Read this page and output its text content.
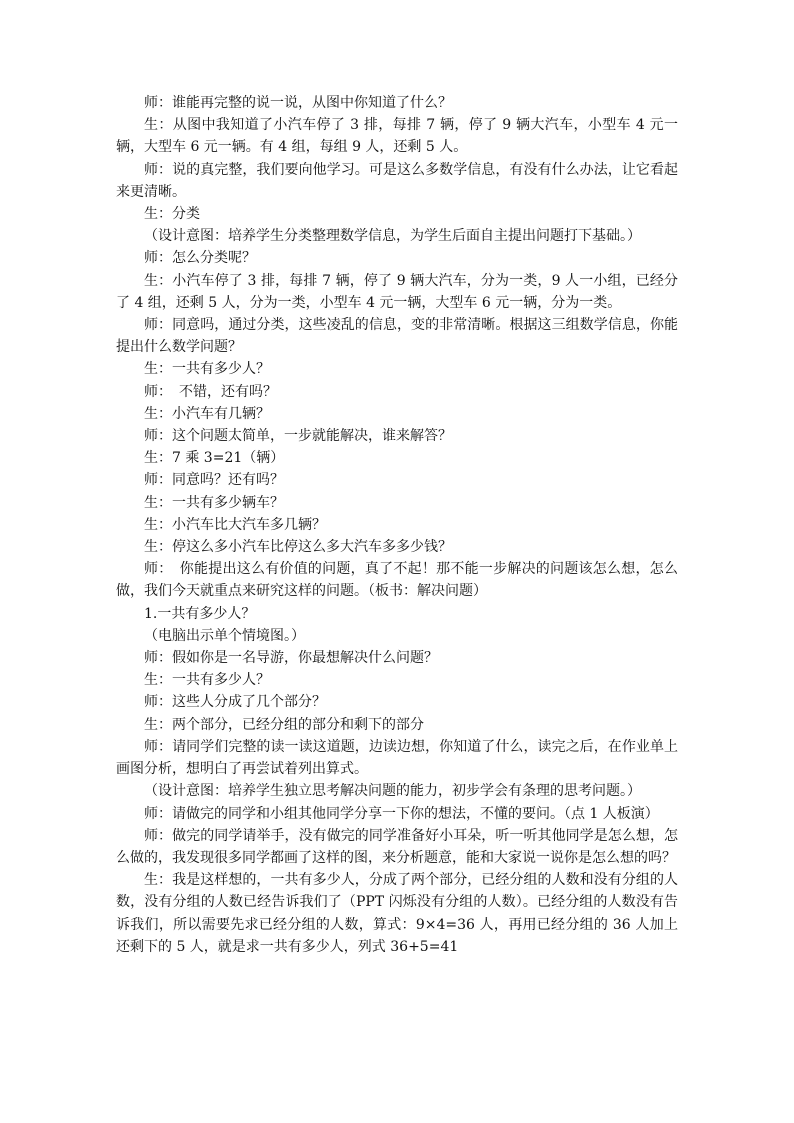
师：谁能再完整的说一说，从图中你知道了什么？

生：从图中我知道了小汽车停了 3 排，每排 7 辆，停了 9 辆大汽车，小型车 4 元一辆，大型车 6 元一辆。有 4 组，每组 9 人，还剩 5 人。

师：说的真完整，我们要向他学习。可是这么多数学信息，有没有什么办法，让它看起来更清晰。

生：分类

（设计意图：培养学生分类整理数学信息，为学生后面自主提出问题打下基础。）

师：怎么分类呢？

生：小汽车停了 3 排，每排 7 辆，停了 9 辆大汽车，分为一类，9 人一小组，已经分了 4 组，还剩 5 人，分为一类，小型车 4 元一辆，大型车 6 元一辆，分为一类。

师：同意吗，通过分类，这些凌乱的信息，变的非常清晰。根据这三组数学信息，你能提出什么数学问题？

生：一共有多少人？

师：　不错，还有吗？

生：小汽车有几辆？

师：这个问题太简单，一步就能解决，谁来解答？

生：7 乘 3=21（辆）

师：同意吗？还有吗？

生：一共有多少辆车？

生：小汽车比大汽车多几辆？

生：停这么多小汽车比停这么多大汽车多多少钱？

师：　你能提出这么有价值的问题，真了不起！那不能一步解决的问题该怎么想，怎么做，我们今天就重点来研究这样的问题。（板书：解决问题）

1.一共有多少人？

（电脑出示单个情境图。）

师：假如你是一名导游，你最想解决什么问题？

生：一共有多少人？

师：这些人分成了几个部分？

生：两个部分，已经分组的部分和剩下的部分

师：请同学们完整的读一读这道题，边读边想，你知道了什么，读完之后，在作业单上画图分析，想明白了再尝试着列出算式。

（设计意图：培养学生独立思考解决问题的能力，初步学会有条理的思考问题。）

师：请做完的同学和小组其他同学分享一下你的想法，不懂的要问。（点 1 人板演）

师：做完的同学请举手，没有做完的同学准备好小耳朵，听一听其他同学是怎么想，怎么做的，我发现很多同学都画了这样的图，来分析题意，能和大家说一说你是怎么想的吗？

生：我是这样想的，一共有多少人，分成了两个部分，已经分组的人数和没有分组的人数，没有分组的人数已经告诉我们了（PPT 闪烁没有分组的人数）。已经分组的人数没有告诉我们，所以需要先求已经分组的人数，算式：9×4=36 人，再用已经分组的 36 人加上还剩下的 5 人，就是求一共有多少人，列式 36+5=41
